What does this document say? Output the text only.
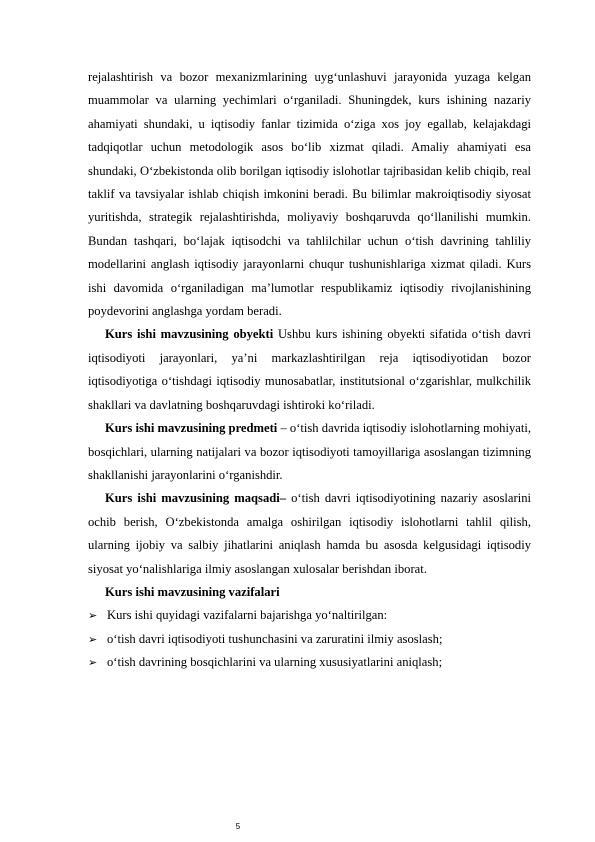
rejalashtirish va bozor mexanizmlarining uyg‘unlashuvi jarayonida yuzaga kelgan muammolar va ularning yechimlari o‘rganiladi. Shuningdek, kurs ishining nazariy ahamiyati shundaki, u iqtisodiy fanlar tizimida o‘ziga xos joy egallab, kelajakdagi tadqiqotlar uchun metodologik asos bo‘lib xizmat qiladi. Amaliy ahamiyati esa shundaki, O‘zbekistonda olib borilgan iqtisodiy islohotlar tajribasidan kelib chiqib, real taklif va tavsiyalar ishlab chiqish imkonini beradi. Bu bilimlar makroiqtisodiy siyosat yuritishda, strategik rejalashtirishda, moliyaviy boshqaruvda qo‘llanilishi mumkin. Bundan tashqari, bo‘lajak iqtisodchi va tahlilchilar uchun o‘tish davrining tahliliy modellarini anglash iqtisodiy jarayonlarni chuqur tushunishlariga xizmat qiladi. Kurs ishi davomida o‘rganiladigan ma’lumotlar respublikamiz iqtisodiy rivojlanishining poydevorini anglashga yordam beradi.

Kurs ishi mavzusining obyekti Ushbu kurs ishining obyekti sifatida o‘tish davri iqtisodiyoti jarayonlari, ya’ni markazlashtirilgan reja iqtisodiyotidan bozor iqtisodiyotiga o‘tishdagi iqtisodiy munosabatlar, institutsional o‘zgarishlar, mulkchilik shakllari va davlatning boshqaruvdagi ishtiroki ko‘riladi.

Kurs ishi mavzusining predmeti – o‘tish davrida iqtisodiy islohotlarning mohiyati, bosqichlari, ularning natijalari va bozor iqtisodiyoti tamoyillariga asoslangan tizimning shakllanishi jarayonlarini o‘rganishdir.

Kurs ishi mavzusining maqsadi– o‘tish davri iqtisodiyotining nazariy asoslarini ochib berish, O‘zbekistonda amalga oshirilgan iqtisodiy islohotlarni tahlil qilish, ularning ijobiy va salbiy jihatlarini aniqlash hamda bu asosda kelgusidagi iqtisodiy siyosat yo‘nalishlariga ilmiy asoslangan xulosalar berishdan iborat.

Kurs ishi mavzusining vazifalari

➢ Kurs ishi quyidagi vazifalarni bajarishga yo‘naltirilgan:
➢ o‘tish davri iqtisodiyoti tushunchasini va zaruratini ilmiy asoslash;
➢ o‘tish davrining bosqichlarini va ularning xususiyatlarini aniqlash;
5
